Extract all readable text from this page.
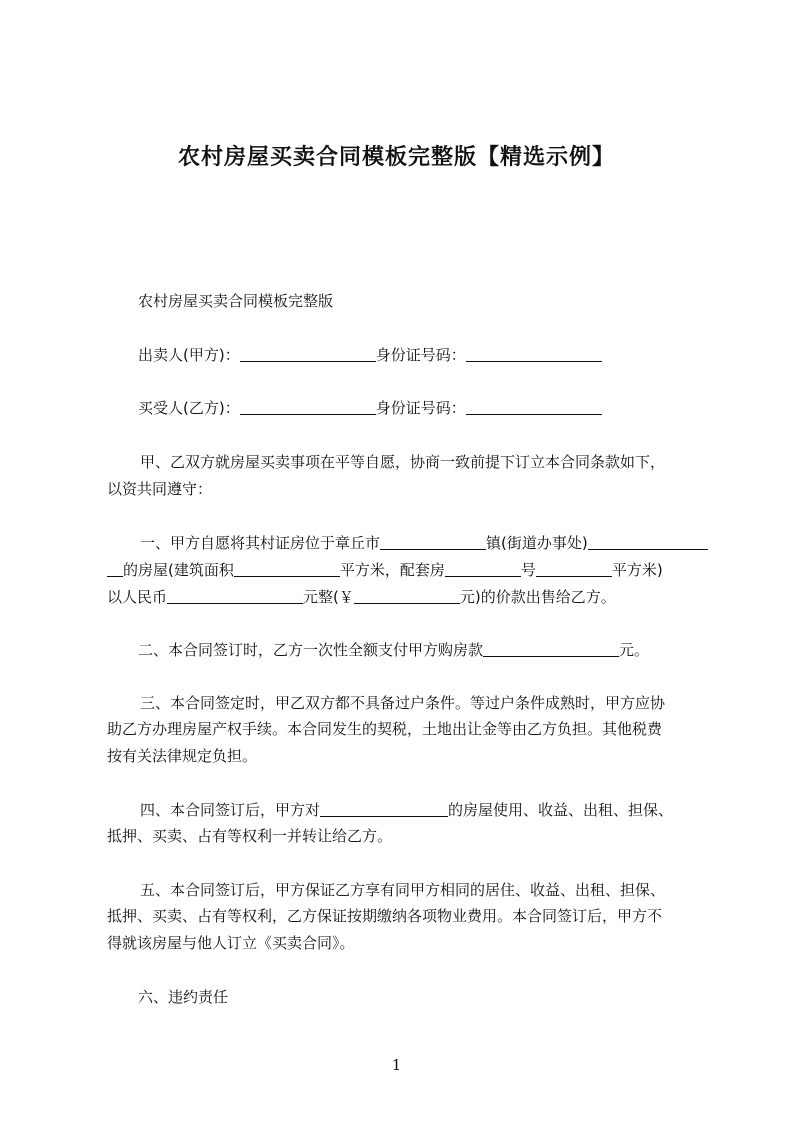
农村房屋买卖合同模板完整版【精选示例】
农村房屋买卖合同模板完整版
出卖人(甲方)：	身份证号码：
买受人(乙方)：	身份证号码：
甲、乙双方就房屋买卖事项在平等自愿，协商一致前提下订立本合同条款如下，
以资共同遵守：
一、甲方自愿将其村证房位于章丘市	镇(街道办事处)
的房屋(建筑面积	平方米，配套房	号	平方米)
以人民币	元整(￥	元)的价款出售给乙方。
二、本合同签订时，乙方一次性全额支付甲方购房款	元。
三、本合同签定时，甲乙双方都不具备过户条件。等过户条件成熟时，甲方应协
助乙方办理房屋产权手续。本合同发生的契税，土地出让金等由乙方负担。其他税费
按有关法律规定负担。
四、本合同签订后，甲方对	的房屋使用、收益、出租、担保、
抵押、买卖、占有等权利一并转让给乙方。
五、本合同签订后，甲方保证乙方享有同甲方相同的居住、收益、出租、担保、
抵押、买卖、占有等权利，乙方保证按期缴纳各项物业费用。本合同签订后，甲方不
得就该房屋与他人订立《买卖合同》。
六、违约责任
1
